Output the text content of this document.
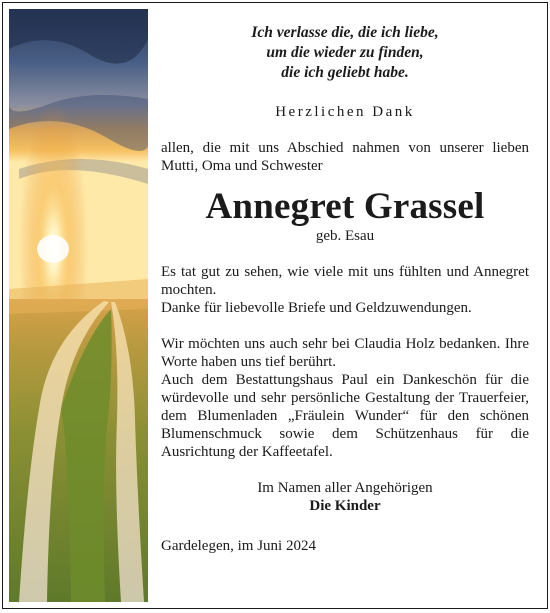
Ich verlasse die, die ich liebe,
um die wieder zu finden,
die ich geliebt habe.
Herzlichen Dank
allen, die mit uns Abschied nahmen von unserer lieben Mutti, Oma und Schwester
Annegret Grassel
geb. Esau
Es tat gut zu sehen, wie viele mit uns fühlten und Annegret mochten.
Danke für liebevolle Briefe und Geldzuwendungen.
Wir möchten uns auch sehr bei Claudia Holz bedanken. Ihre Worte haben uns tief berührt.
Auch dem Bestattungshaus Paul ein Dankeschön für die würdevolle und sehr persönliche Gestaltung der Trauerfeier, dem Blumenladen „Fräulein Wunder“ für den schönen Blumenschmuck sowie dem Schützenhaus für die Ausrichtung der Kaffeetafel.
Im Namen aller Angehörigen
Die Kinder
Gardelegen, im Juni 2024
